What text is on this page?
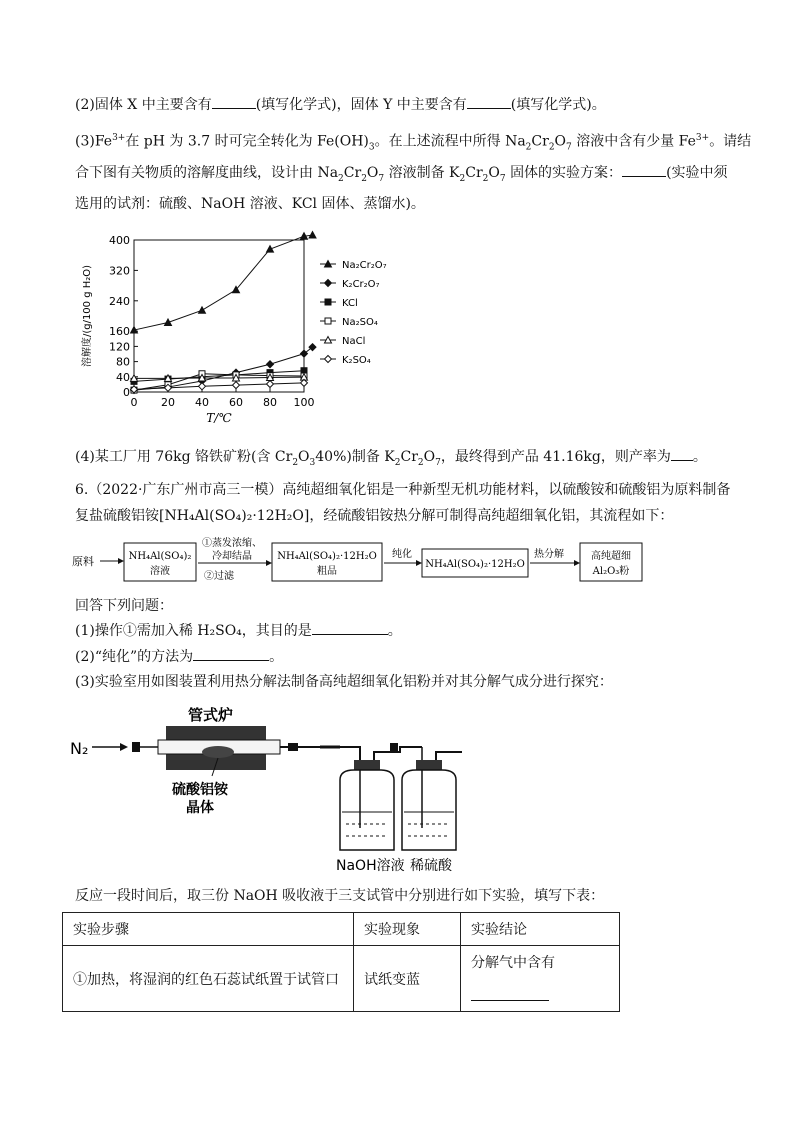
(2)固体 X 中主要含有	(填写化学式)，固体 Y 中主要含有	(填写化学式)。
$(3)Fe^{3+}$在 pH 为 3.7 时可完全转化为 $Fe(OH)_3$。在上述流程中所得 $Na_2Cr_2O_7$ 溶液中含有少量 $Fe^{3+}$。请结
合下图有关物质的溶解度曲线，设计由 $Na_2Cr_2O_7$ 溶液制备 $K_2Cr_2O_7$ 固体的实验方案：	(实验中须
选用的试剂：硫酸、NaOH 溶液、KCl 固体、蒸馏水)。
0 20 40 60 80 100
0
40
80
120
160
240
320
400
T/℃
溶解度/(g/100 g H₂O)	Na₂Cr₂O₇
K₂Cr₂O₇
KCl
Na₂SO₄
NaCl
K₂SO₄
(4)某工厂用 76kg 铬铁矿粉(含 $Cr_2O_340\%$)制备 $K_2Cr_2O_7$，最终得到产品 41.16kg，则产率为 。
6.（2022·广东广州市高三一模）高纯超细氧化铝是一种新型无机功能材料，以硫酸铵和硫酸铝为原料制备
复盐硫酸铝铵[NH₄Al(SO₄)₂·12H₂O]，经硫酸铝铵热分解可制得高纯超细氧化铝，其流程如下：
原料	NH₄Al(SO₄)₂
溶液
①蒸发浓缩、
冷却结晶
②过滤
NH₄Al(SO₄)₂·12H₂O
粗品
纯化
NH₄Al(SO₄)₂·12H₂O
热分解	高纯超细
Al₂O₃粉
回答下列问题：
(1)操作①需加入稀 H₂SO₄，其目的是	。
(2)“纯化”的方法为	。
(3)实验室用如图装置利用热分解法制备高纯超细氧化铝粉并对其分解气成分进行探究：
管式炉
N₂
硫酸铝铵
晶体
NaOH溶液 稀硫酸
反应一段时间后，取三份 NaOH 吸收液于三支试管中分别进行如下实验，填写下表：
实验步骤	实验现象	实验结论
①加热，将湿润的红色石蕊试纸置于试管口	试纸变蓝	分解气中含有
